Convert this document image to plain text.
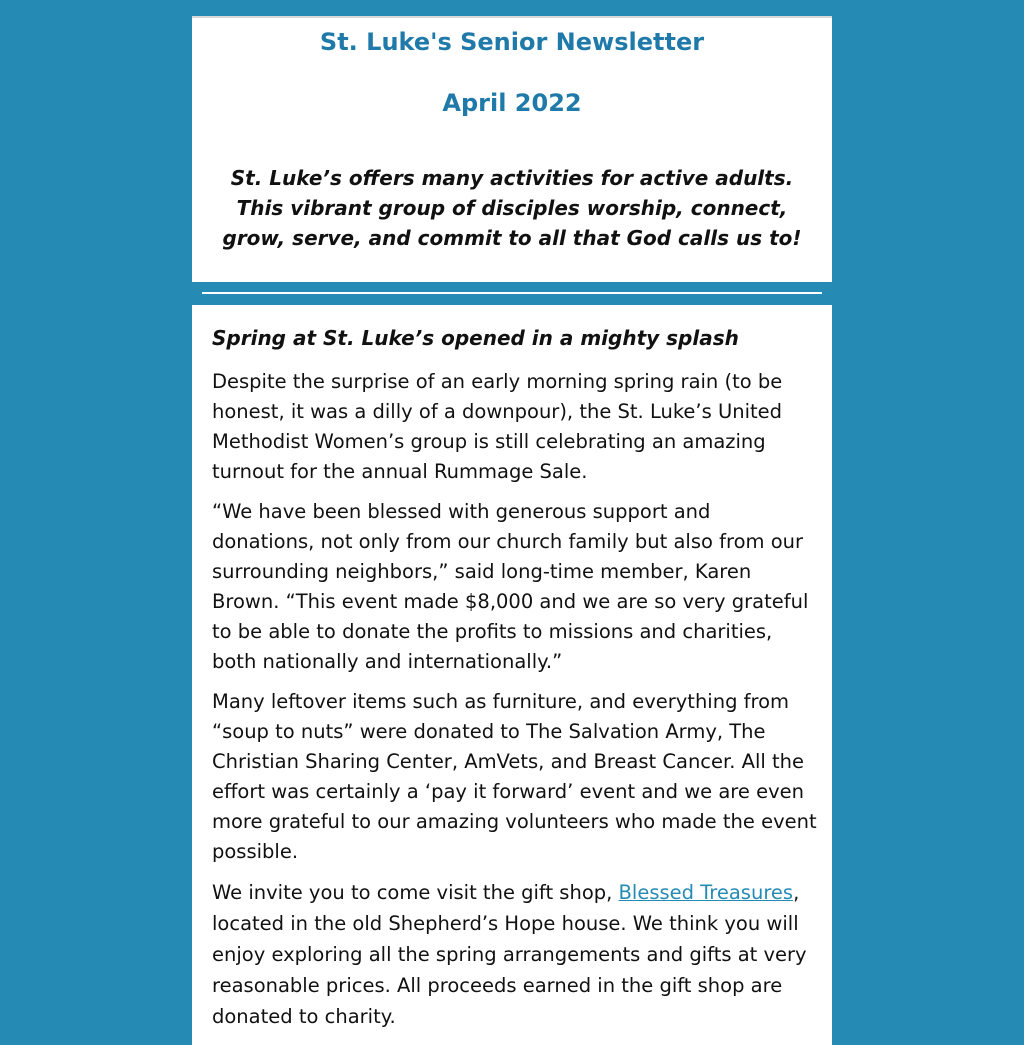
St. Luke's Senior Newsletter
April 2022

St. Luke’s offers many activities for active adults. This vibrant group of disciples worship, connect, grow, serve, and commit to all that God calls us to!

Spring at St. Luke’s opened in a mighty splash

Despite the surprise of an early morning spring rain (to be honest, it was a dilly of a downpour), the St. Luke’s United Methodist Women’s group is still celebrating an amazing turnout for the annual Rummage Sale.

“We have been blessed with generous support and donations, not only from our church family but also from our surrounding neighbors,” said long-time member, Karen Brown. “This event made $8,000 and we are so very grateful to be able to donate the profits to missions and charities, both nationally and internationally.”

Many leftover items such as furniture, and everything from “soup to nuts” were donated to The Salvation Army, The Christian Sharing Center, AmVets, and Breast Cancer. All the effort was certainly a ‘pay it forward’ event and we are even more grateful to our amazing volunteers who made the event possible.

We invite you to come visit the gift shop, Blessed Treasures, located in the old Shepherd’s Hope house. We think you will enjoy exploring all the spring arrangements and gifts at very reasonable prices. All proceeds earned in the gift shop are donated to charity.
